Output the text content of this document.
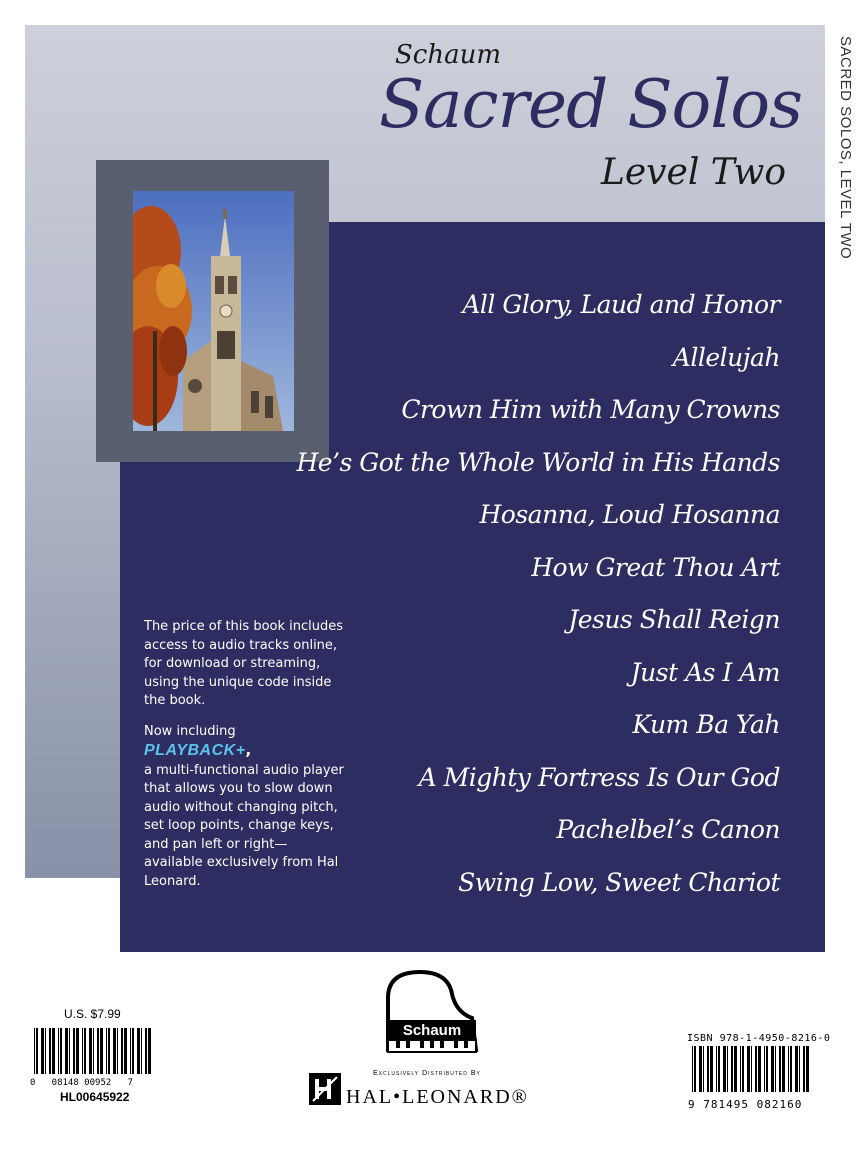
Schaum
Sacred Solos
Level Two	SACRED SOLOS, LEVEL TWO
All Glory, Laud and Honor
Allelujah
Crown Him with Many Crowns
He’s Got the Whole World in His Hands
Hosanna, Loud Hosanna
How Great Thou Art
Jesus Shall Reign
Just As I Am
Kum Ba Yah
A Mighty Fortress Is Our God
Pachelbel’s Canon
Swing Low, Sweet Chariot

The price of this book includes access to audio tracks online, for download or streaming, using the unique code inside the book.

Now including
PLAYBACK+,
a multi-functional audio player that allows you to slow down audio without changing pitch, set loop points, change keys, and pan left or right—available exclusively from Hal Leonard.
U.S. $7.99
0   08148 00952   7
HL00645922
ISBN 978-1-4950-8216-0
9 781495 082160
Schaum
Exclusively Distributed By
HAL•LEONARD®
